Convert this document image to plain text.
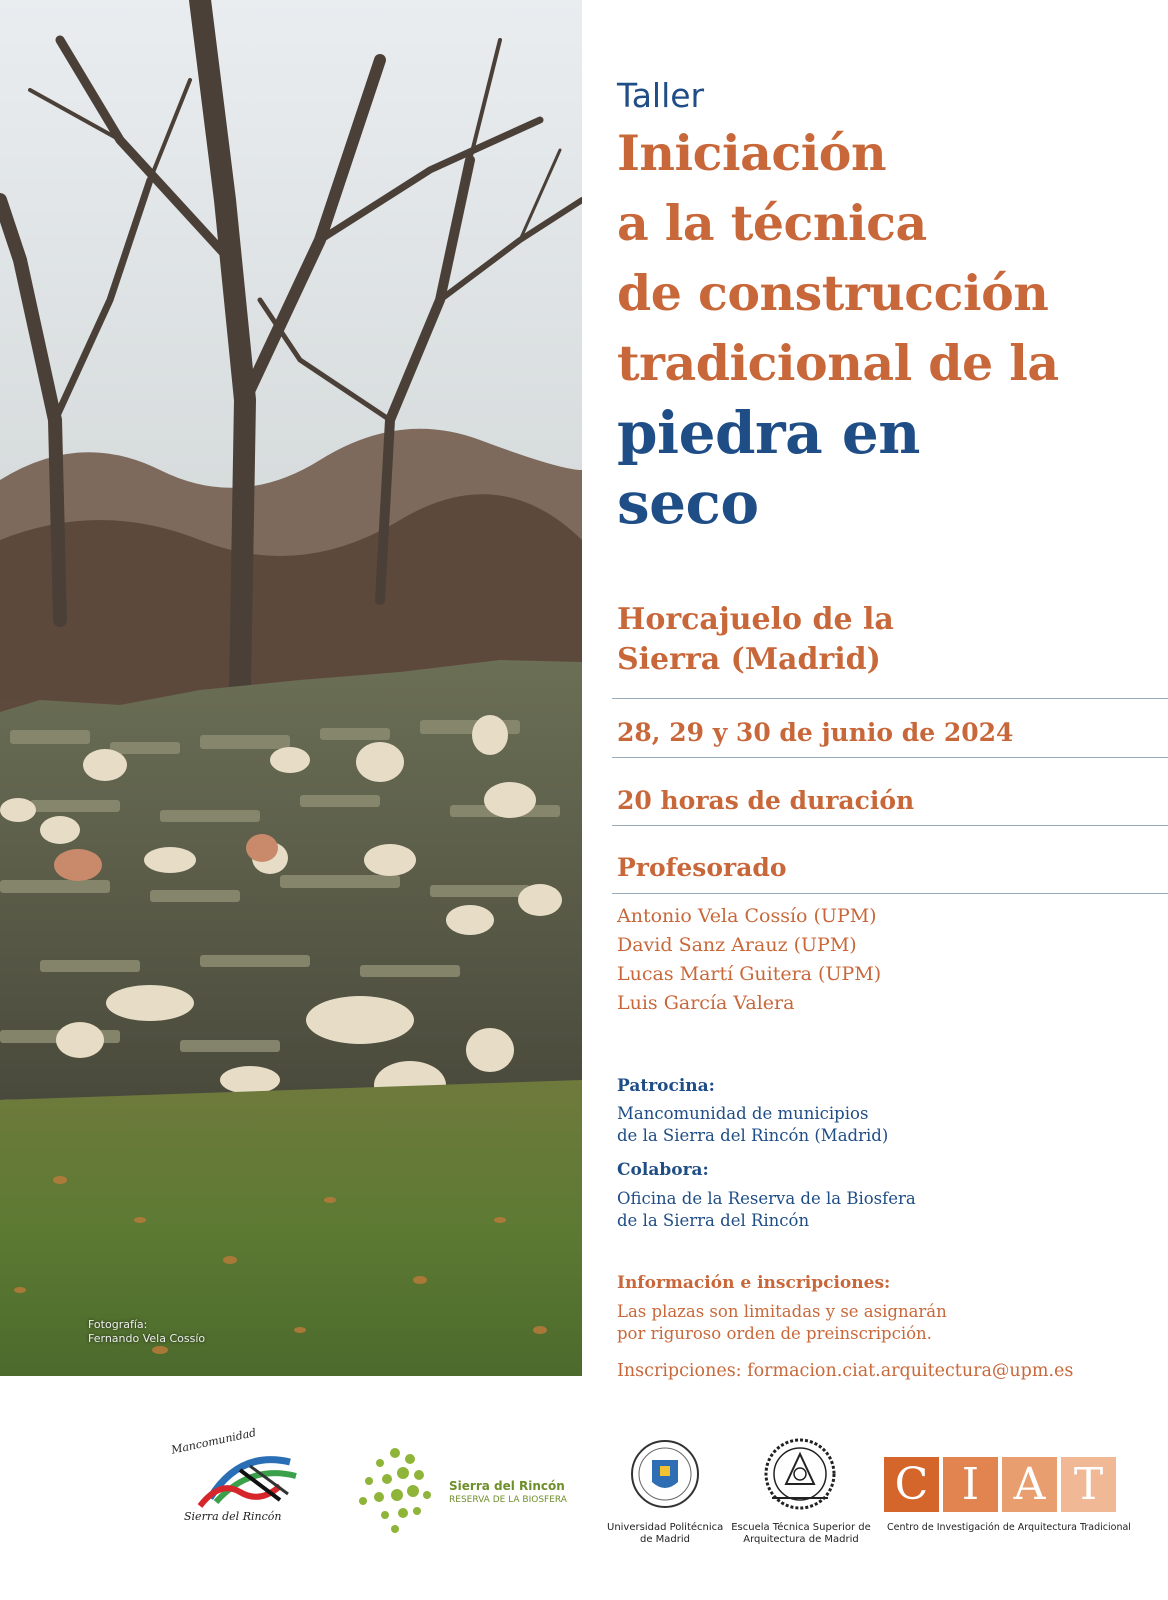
Fotografía:
Fernando Vela Cossío
Taller
Iniciación
a la técnica
de construcción
tradicional de la
piedra en
seco
Horcajuelo de la
Sierra (Madrid)
28, 29 y 30 de junio de 2024
20 horas de duración
Profesorado
Antonio Vela Cossío (UPM)
David Sanz Arauz (UPM)
Lucas Martí Guitera (UPM)
Luis García Valera
Patrocina:
Mancomunidad de municipios
de la Sierra del Rincón (Madrid)
Colabora:
Oficina de la Reserva de la Biosfera
de la Sierra del Rincón
Información e inscripciones:
Las plazas son limitadas y se asignarán
por riguroso orden de preinscripción.
Inscripciones: formacion.ciat.arquitectura@upm.es
Mancomunidad
Sierra del Rincón
Sierra del Rincón
RESERVA DE LA BIOSFERA
Universidad Politécnica
de Madrid
Escuela Técnica Superior de
Arquitectura de Madrid
C I A T
Centro de Investigación de Arquitectura Tradicional
